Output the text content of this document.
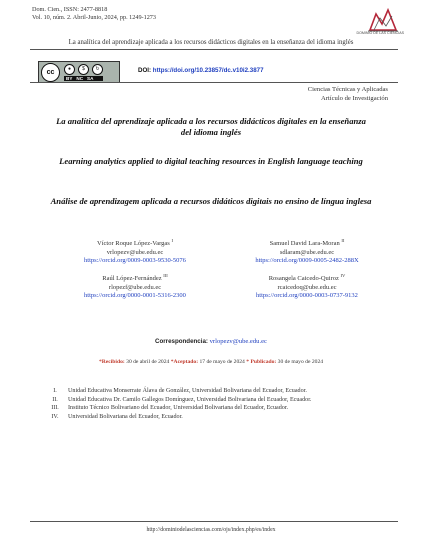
Dom. Cien., ISSN: 2477-8818
Vol. 10, núm. 2. Abril-Junio, 2024, pp. 1249-1273
DOMINIO DE LAS CIENCIAS
La analítica del aprendizaje aplicada a los recursos didácticos digitales en la enseñanza del idioma inglés
cc	●	$	↻
BY NC SA
DOI: https://doi.org/10.23857/dc.v10i2.3877
Ciencias Técnicas y Aplicadas
Artículo de Investigación
La analítica del aprendizaje aplicada a los recursos didácticos digitales en la enseñanza del idioma inglés
Learning analytics applied to digital teaching resources in English language teaching
Análise de aprendizagem aplicada a recursos didáticos digitais no ensino de língua inglesa
Víctor Roque López-Vargas $^I$
vrlopezv@ube.edu.ec
https://orcid.org/0009-0003-9530-5076
Samuel David Lara-Moran $^{II}$
sdlaram@ube.edu.ec
https://orcid.org/0009-0005-2482-288X
Raúl López-Fernández $^{III}$
rlopezf@ube.edu.ec
https://orcid.org/0000-0001-5316-2300
Rosangela Caicedo-Quiroz $^{IV}$
rcaicedoq@ube.edu.ec
https://orcid.org/0000-0003-0737-9132
Correspondencia: vrlopezv@ube.edu.ec
*Recibido: 30 de abril de 2024 *Aceptado: 17 de mayo de 2024 * Publicado: 30 de mayo de 2024
I.	Unidad Educativa Monserrate Álava de González, Universidad Bolivariana del Ecuador, Ecuador.
II.	Unidad Educativa Dr. Camilo Gallegos Domínguez, Universidad Bolivariana del Ecuador, Ecuador.
III.	Instituto Técnico Bolivariano del Ecuador, Universidad Bolivariana del Ecuador, Ecuador.
IV.	Universidad Bolivariana del Ecuador, Ecuador.
http://dominiodelasciencias.com/ojs/index.php/es/index
